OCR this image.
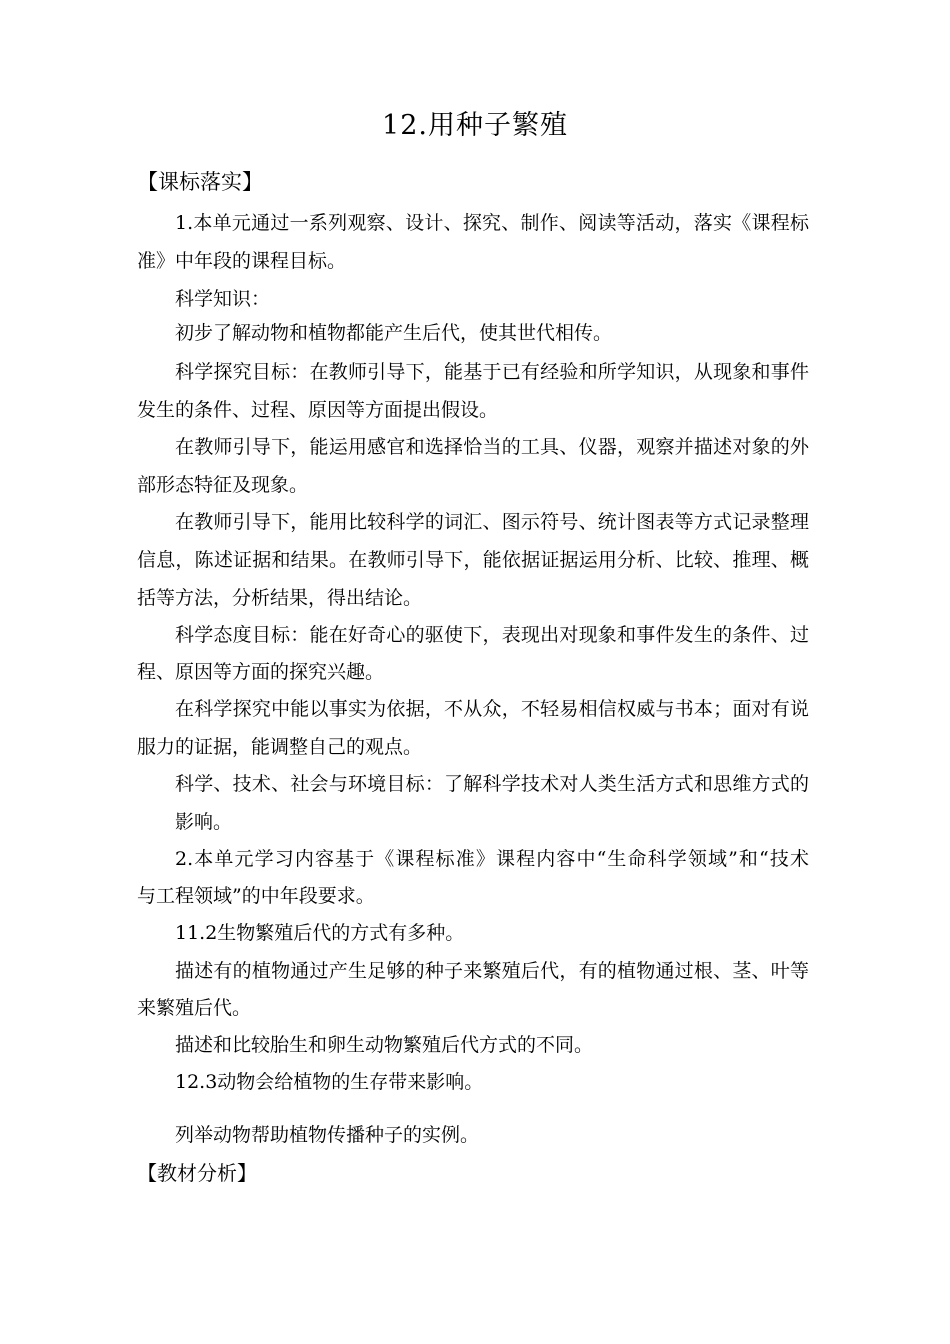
12.用种子繁殖
【课标落实】
1.本单元通过一系列观察、设计、探究、制作、阅读等活动，落实《课程标
准》中年段的课程目标。
科学知识：
初步了解动物和植物都能产生后代，使其世代相传。
科学探究目标：在教师引导下，能基于已有经验和所学知识，从现象和事件
发生的条件、过程、原因等方面提出假设。
在教师引导下，能运用感官和选择恰当的工具、仪器，观察并描述对象的外
部形态特征及现象。
在教师引导下，能用比较科学的词汇、图示符号、统计图表等方式记录整理
信息，陈述证据和结果。在教师引导下，能依据证据运用分析、比较、推理、概
括等方法，分析结果，得出结论。
科学态度目标：能在好奇心的驱使下，表现出对现象和事件发生的条件、过
程、原因等方面的探究兴趣。
在科学探究中能以事实为依据，不从众，不轻易相信权威与书本；面对有说
服力的证据，能调整自己的观点。
科学、技术、社会与环境目标：了解科学技术对人类生活方式和思维方式的
影响。
2.本单元学习内容基于《课程标准》课程内容中“生命科学领域”和“技术
与工程领域”的中年段要求。
11.2生物繁殖后代的方式有多种。
描述有的植物通过产生足够的种子来繁殖后代，有的植物通过根、茎、叶等
来繁殖后代。
描述和比较胎生和卵生动物繁殖后代方式的不同。
12.3动物会给植物的生存带来影响。
列举动物帮助植物传播种子的实例。
【教材分析】
